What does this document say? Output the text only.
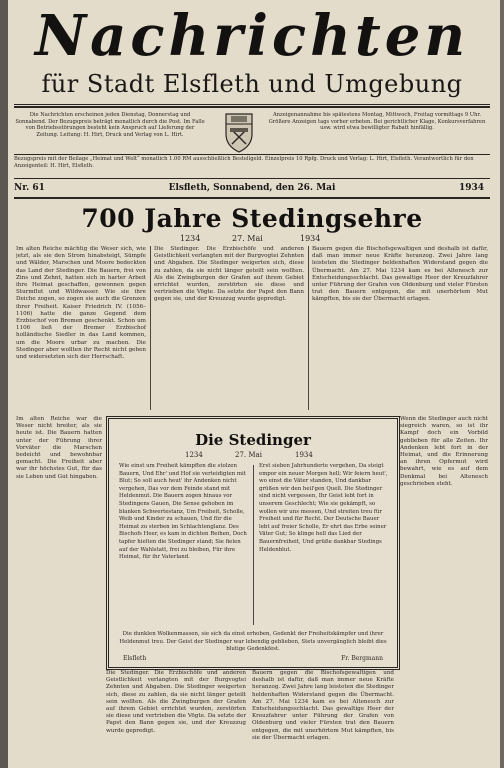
Nachrichten
für Stadt Elsfleth und Umgebung
Die Nachrichten erscheinen jeden Dienstag, Donnerstag und Sonnabend. Der Bezugspreis beträgt monatlich durch die Post. Im Falle von Betriebsstörungen besteht kein Anspruch auf Lieferung der Zeitung. Leitung: H. Hirt, Druck und Verlag von L. Hirt.
Anzeigenannahme bis spätestens Montag, Mittwoch, Freitag vormittags 9 Uhr. Größere Anzeigen tags vorher erbeten. Bei gerichtlicher Klage, Konkursverfahren usw. wird etwa bewilligter Rabatt hinfällig.
Bezugspreis mit der Beilage „Heimat und Welt“ monatlich 1.00 RM ausschließlich Bestellgeld. Einzelpreis 10 Rpfg. Druck und Verlag: L. Hirt, Elsfleth. Verantwortlich für den Anzeigenteil: H. Hirt, Elsfleth.
Nr. 61	Elsfleth, Sonnabend, den 26. Mai	1934
700 Jahre Stedingsehre
1234	27. Mai	1934
Im alten Reiche mächtig die Weser sich, wie jetzt, als sie den Strom hinabsteigt, Sümpfe und Wälder, Marschen und Moore bedeckten das Land der Stedinger. Die Bauern, frei von Zins und Zehnt, hatten sich in harter Arbeit ihre Heimat geschaffen, gewonnen gegen Sturmflut und Wildwasser. Wie sie ihre Deiche zogen, so zogen sie auch die Grenzen ihrer Freiheit. Kaiser Friedrich IV. (1056–1106) hatte die ganze Gegend dem Erzbischof von Bremen geschenkt. Schon um 1106 ließ der Bremer Erzbischof holländische Siedler in das Land kommen, um die Moore urbar zu machen. Die Stedinger aber wollten ihr Recht nicht geben und widersetzten sich der Herrschaft.
Die Stedinger. Die Erzbischöfe und anderen Geistlichkeit verlangten mit der Burgvogtei Zehnten und Abgaben. Die Stedinger weigerten sich, diese zu zahlen, da sie nicht länger geteilt sein wollten. Als die Zwingburgen der Grafen auf ihrem Gebiet errichtet wurden, zerstörten sie diese und vertrieben die Vögte. Da setzte der Papst den Bann gegen sie, und der Kreuzzug wurde gepredigt.
Bauern gegen die Bischofsgewaltigen und deshalb ist dafür, daß man immer neue Kräfte heranzog. Zwei Jahre lang leisteten die Stedinger heldenhaften Widerstand gegen die Übermacht. Am 27. Mai 1234 kam es bei Altenesch zur Entscheidungsschlacht. Das gewaltige Heer der Kreuzfahrer unter Führung der Grafen von Oldenburg und vieler Fürsten trat den Bauern entgegen, die mit unerhörtem Mut kämpften, bis sie der Übermacht erlagen.
Im alten Reiche war die Weser nicht breiter, als sie heute ist. Die Bauern hatten unter der Führung ihrer Vorväter die Marschen bedeicht und bewohnbar gemacht. Die Freiheit aber war ihr höchstes Gut, für das sie Leben und Gut hingaben.
Wenn die Stedinger auch nicht siegreich waren, so ist ihr Kampf doch ein Vorbild geblieben für alle Zeiten. Ihr Andenken lebt fort in der Heimat, und die Erinnerung an ihren Opfermut wird bewahrt, wie es auf dem Denkmal bei Altenesch geschrieben steht.
Die Stedinger
1234	27. Mai	1934
Wie einst um Freiheit kämpften die stolzen Bauern, Und Ehr' und Hof sie verteidigten mit Blut; So soll auch heut' ihr Andenken nicht vergehen, Das vor dem Feinde stand mit Heldenmut. Die Bauern zogen hinaus vor Stedingens Gauen, Die Sense gehoben im blanken Schwertestanz, Um Freiheit, Scholle, Weib und Kinder zu schauen, Und für die Heimat zu sterben im Schlachtenglanz. Des Bischofs Heer, es kam in dichten Reihen, Doch tapfer hielten die Stedinger stand; Sie fielen auf der Wahlstatt, frei zu bleiben, Für ihre Heimat, für ihr Vaterland.
Erst sieben Jahrhunderte vergehen, Da steigt empor ein neuer Morgen hell; Wir feiern heut', wo einst die Väter standen, Und dankbar grüßen wir den heil'gen Quell. Die Stedinger sind nicht vergessen, Ihr Geist lebt fort in unserem Geschlecht; Wie sie gekämpft, so wollen wir uns messen, Und streiten treu für Freiheit und für Recht. Der Deutsche Bauer lebt auf freier Scholle, Er ehrt das Erbe seiner Väter Gut; So klinge hell das Lied der Bauernfreiheit, Und grüße dankbar Stedings Heldenblut.
Die dunklen Wolkenmassen, sie sich da einst erhoben, Gedenkt der Freiheitskämpfer und ihrer Heldenmut treu. Der Geist der Stedinger war lebendig geblieben, Stets unvergänglich bleibt dies blutige Gedenkfest.
Elsfleth	Fr. Bergmann
Die Stedinger. Die Erzbischöfe und anderen Geistlichkeit verlangten mit der Burgvogtei Zehnten und Abgaben. Die Stedinger weigerten sich, diese zu zahlen, da sie nicht länger geteilt sein wollten. Als die Zwingburgen der Grafen auf ihrem Gebiet errichtet wurden, zerstörten sie diese und vertrieben die Vögte. Da setzte der Papst den Bann gegen sie, und der Kreuzzug wurde gepredigt.
Bauern gegen die Bischofsgewaltigen und deshalb ist dafür, daß man immer neue Kräfte heranzog. Zwei Jahre lang leisteten die Stedinger heldenhaften Widerstand gegen die Übermacht. Am 27. Mai 1234 kam es bei Altenesch zur Entscheidungsschlacht. Das gewaltige Heer der Kreuzfahrer unter Führung der Grafen von Oldenburg und vieler Fürsten trat den Bauern entgegen, die mit unerhörtem Mut kämpften, bis sie der Übermacht erlagen.
